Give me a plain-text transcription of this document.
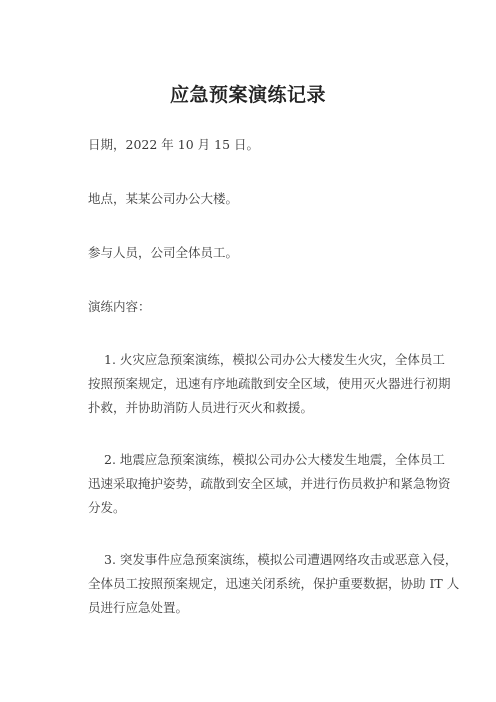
应急预案演练记录
日期，2022 年 10 月 15 日。
地点，某某公司办公大楼。
参与人员，公司全体员工。
演练内容：
1. 火灾应急预案演练，模拟公司办公大楼发生火灾，全体员工
按照预案规定，迅速有序地疏散到安全区域，使用灭火器进行初期
扑救，并协助消防人员进行灭火和救援。
2. 地震应急预案演练，模拟公司办公大楼发生地震，全体员工
迅速采取掩护姿势，疏散到安全区域，并进行伤员救护和紧急物资
分发。
3. 突发事件应急预案演练，模拟公司遭遇网络攻击或恶意入侵，
全体员工按照预案规定，迅速关闭系统，保护重要数据，协助 IT 人
员进行应急处置。
